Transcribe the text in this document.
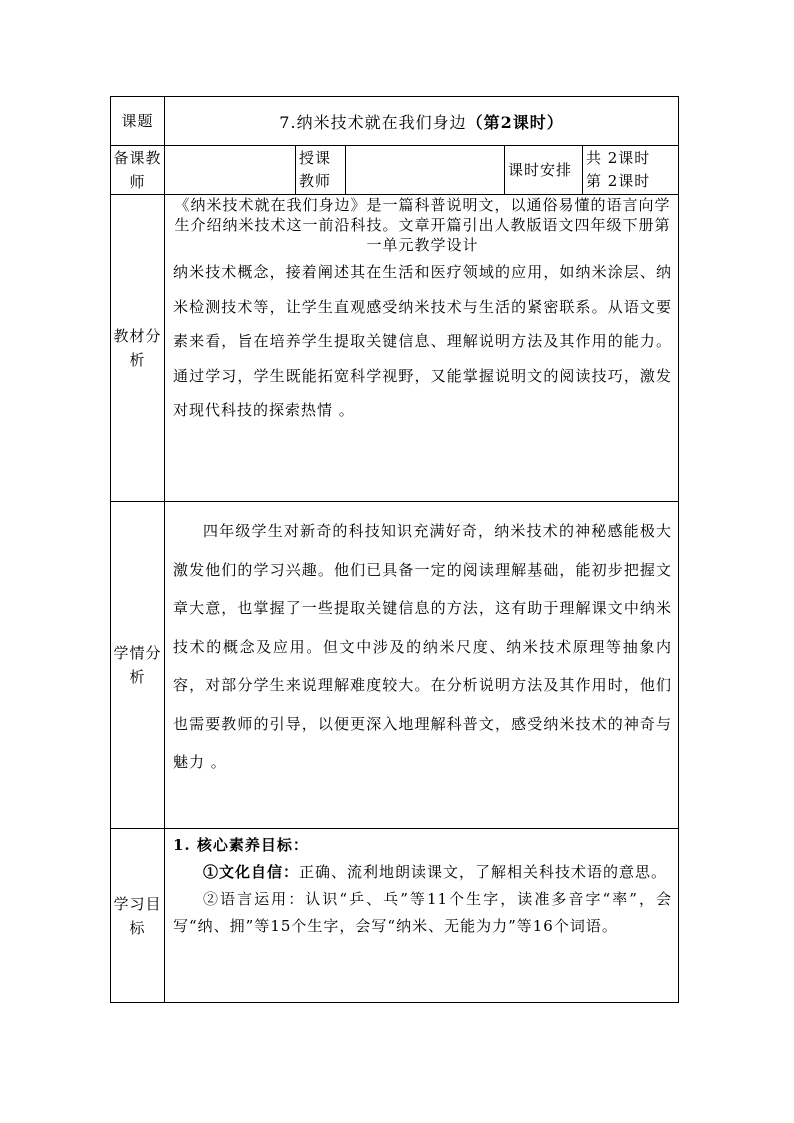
课题	7.纳米技术就在我们身边（第2课时）				
备课教师		授课教师		课时安排	共 2课时
第 2课时

教材分析	《纳米技术就在我们身边》是一篇科普说明文，以通俗易懂的语言向学生介绍纳米技术这一前沿科技。文章开篇引出人教版语文四年级下册第一单元教学设计

纳米技术概念，接着阐述其在生活和医疗领域的应用，如纳米涂层、纳米检测技术等，让学生直观感受纳米技术与生活的紧密联系。从语文要素来看，旨在培养学生提取关键信息、理解说明方法及其作用的能力。通过学习，学生既能拓宽科学视野，又能掌握说明文的阅读技巧，激发对现代科技的探索热情 。				

学情分析	四年级学生对新奇的科技知识充满好奇，纳米技术的神秘感能极大激发他们的学习兴趣。他们已具备一定的阅读理解基础，能初步把握文章大意，也掌握了一些提取关键信息的方法，这有助于理解课文中纳米技术的概念及应用。但文中涉及的纳米尺度、纳米技术原理等抽象内容，对部分学生来说理解难度较大。在分析说明方法及其作用时，他们也需要教师的引导，以便更深入地理解科普文，感受纳米技术的神奇与魅力 。				

学习目标	1. 核心素养目标：

①文化自信：正确、流利地朗读课文，了解相关科技术语的意思。

②语言运用：认识“乒、乓”等11个生字，读准多音字“率”，会写“纳、拥”等15个生字，会写“纳米、无能为力”等16个词语。				
